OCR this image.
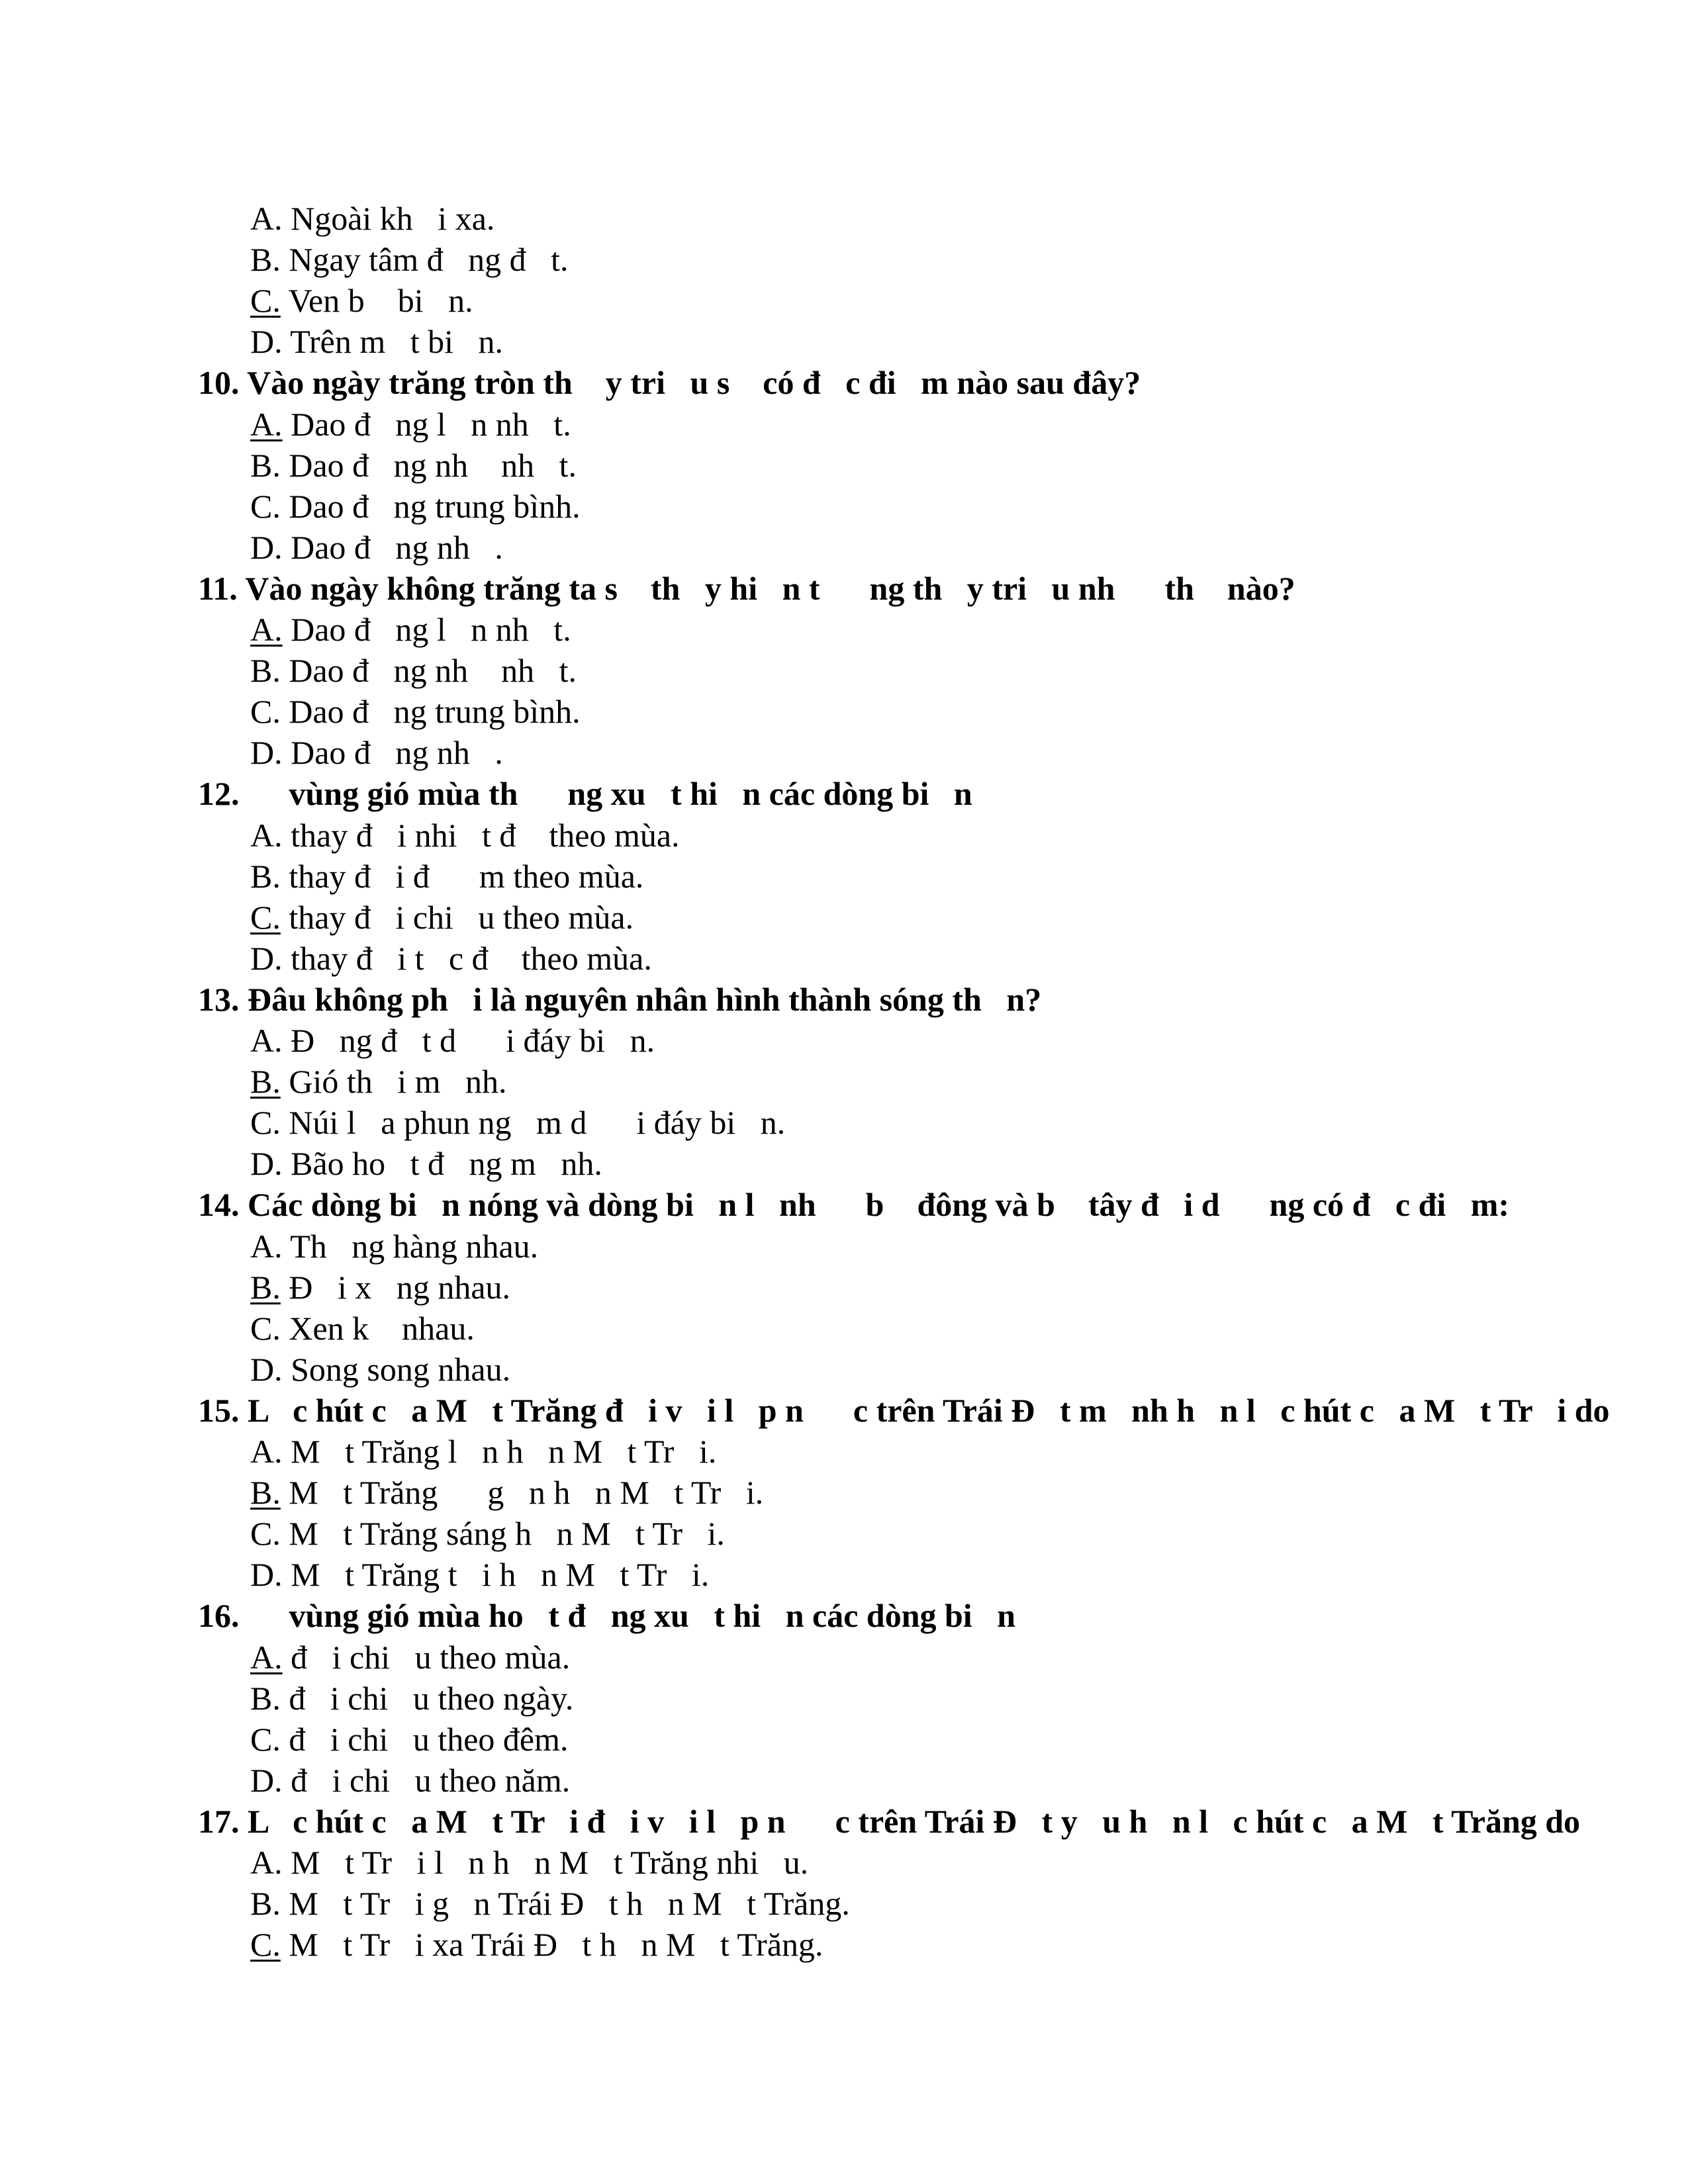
A. Ngoài kh   i xa.
B. Ngay tâm đ   ng đ   t.
C. Ven b    bi   n.
D. Trên m   t bi   n.
10. Vào ngày trăng tròn th    y tri   u s    có đ   c đi   m nào sau đây?
A. Dao đ   ng l   n nh   t.
B. Dao đ   ng nh    nh   t.
C. Dao đ   ng trung bình.
D. Dao đ   ng nh   .
11. Vào ngày không trăng ta s    th   y hi   n t      ng th   y tri   u nh      th    nào?
A. Dao đ   ng l   n nh   t.
B. Dao đ   ng nh    nh   t.
C. Dao đ   ng trung bình.
D. Dao đ   ng nh   .
12.      vùng gió mùa th      ng xu   t hi   n các dòng bi   n
A. thay đ   i nhi   t đ    theo mùa.
B. thay đ   i đ      m theo mùa.
C. thay đ   i chi   u theo mùa.
D. thay đ   i t   c đ    theo mùa.
13. Đâu không ph   i là nguyên nhân hình thành sóng th   n?
A. Đ   ng đ   t d      i đáy bi   n.
B. Gió th   i m   nh.
C. Núi l   a phun ng   m d      i đáy bi   n.
D. Bão ho   t đ   ng m   nh.
14. Các dòng bi   n nóng và dòng bi   n l   nh      b    đông và b    tây đ   i d      ng có đ   c đi   m:
A. Th   ng hàng nhau.
B. Đ   i x   ng nhau.
C. Xen k    nhau.
D. Song song nhau.
15. L   c hút c   a M   t Trăng đ   i v   i l   p n      c trên Trái Đ   t m   nh h   n l   c hút c   a M   t Tr   i do
A. M   t Trăng l   n h   n M   t Tr   i.
B. M   t Trăng      g   n h   n M   t Tr   i.
C. M   t Trăng sáng h   n M   t Tr   i.
D. M   t Trăng t   i h   n M   t Tr   i.
16.      vùng gió mùa ho   t đ   ng xu   t hi   n các dòng bi   n
A. đ   i chi   u theo mùa.
B. đ   i chi   u theo ngày.
C. đ   i chi   u theo đêm.
D. đ   i chi   u theo năm.
17. L   c hút c   a M   t Tr   i đ   i v   i l   p n      c trên Trái Đ   t y   u h   n l   c hút c   a M   t Trăng do
A. M   t Tr   i l   n h   n M   t Trăng nhi   u.
B. M   t Tr   i g   n Trái Đ   t h   n M   t Trăng.
C. M   t Tr   i xa Trái Đ   t h   n M   t Trăng.
